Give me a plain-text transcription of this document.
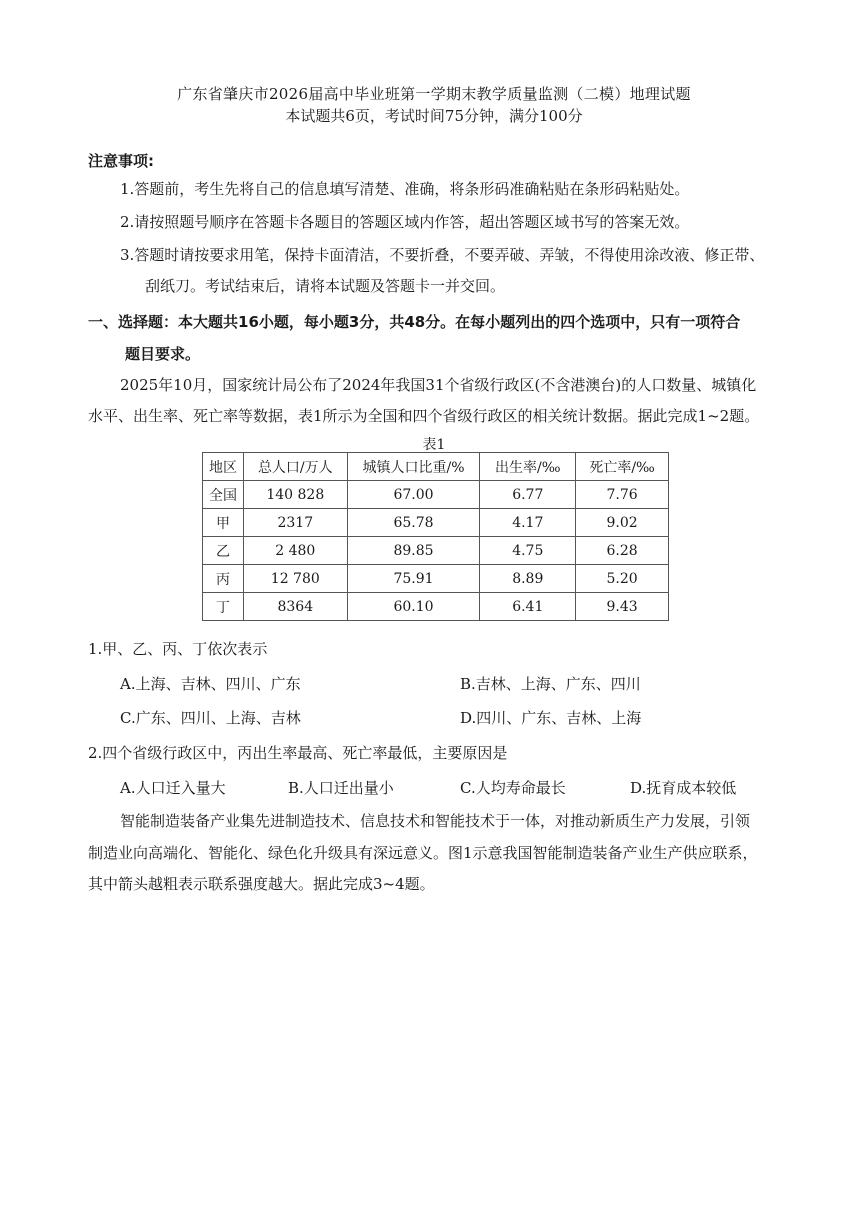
广东省肇庆市2026届高中毕业班第一学期末教学质量监测（二模）地理试题
本试题共6页，考试时间75分钟，满分100分
注意事项:
1.答题前，考生先将自己的信息填写清楚、准确，将条形码准确粘贴在条形码粘贴处。
2.请按照题号顺序在答题卡各题目的答题区域内作答，超出答题区域书写的答案无效。
3.答题时请按要求用笔，保持卡面清洁，不要折叠，不要弄破、弄皱，不得使用涂改液、修正带、
刮纸刀。考试结束后，请将本试题及答题卡一并交回。
一、选择题：本大题共16小题，每小题3分，共48分。在每小题列出的四个选项中，只有一项符合
题目要求。
2025年10月，国家统计局公布了2024年我国31个省级行政区(不含港澳台)的人口数量、城镇化
水平、出生率、死亡率等数据，表1所示为全国和四个省级行政区的相关统计数据。据此完成1~2题。
表1
地区	总人口/万人	城镇人口比重/%	出生率/‰	死亡率/‰
全国	140 828	67.00	6.77	7.76
甲	2317	65.78	4.17	9.02
乙	2 480	89.85	4.75	6.28
丙	12 780	75.91	8.89	5.20
丁	8364	60.10	6.41	9.43
1.甲、乙、丙、丁依次表示
A.上海、吉林、四川、广东	B.吉林、上海、广东、四川
C.广东、四川、上海、吉林	D.四川、广东、吉林、上海
2.四个省级行政区中，丙出生率最高、死亡率最低，主要原因是
A.人口迁入量大	B.人口迁出量小	C.人均寿命最长	D.抚育成本较低
智能制造装备产业集先进制造技术、信息技术和智能技术于一体，对推动新质生产力发展，引领
制造业向高端化、智能化、绿色化升级具有深远意义。图1示意我国智能制造装备产业生产供应联系，
其中箭头越粗表示联系强度越大。据此完成3~4题。
